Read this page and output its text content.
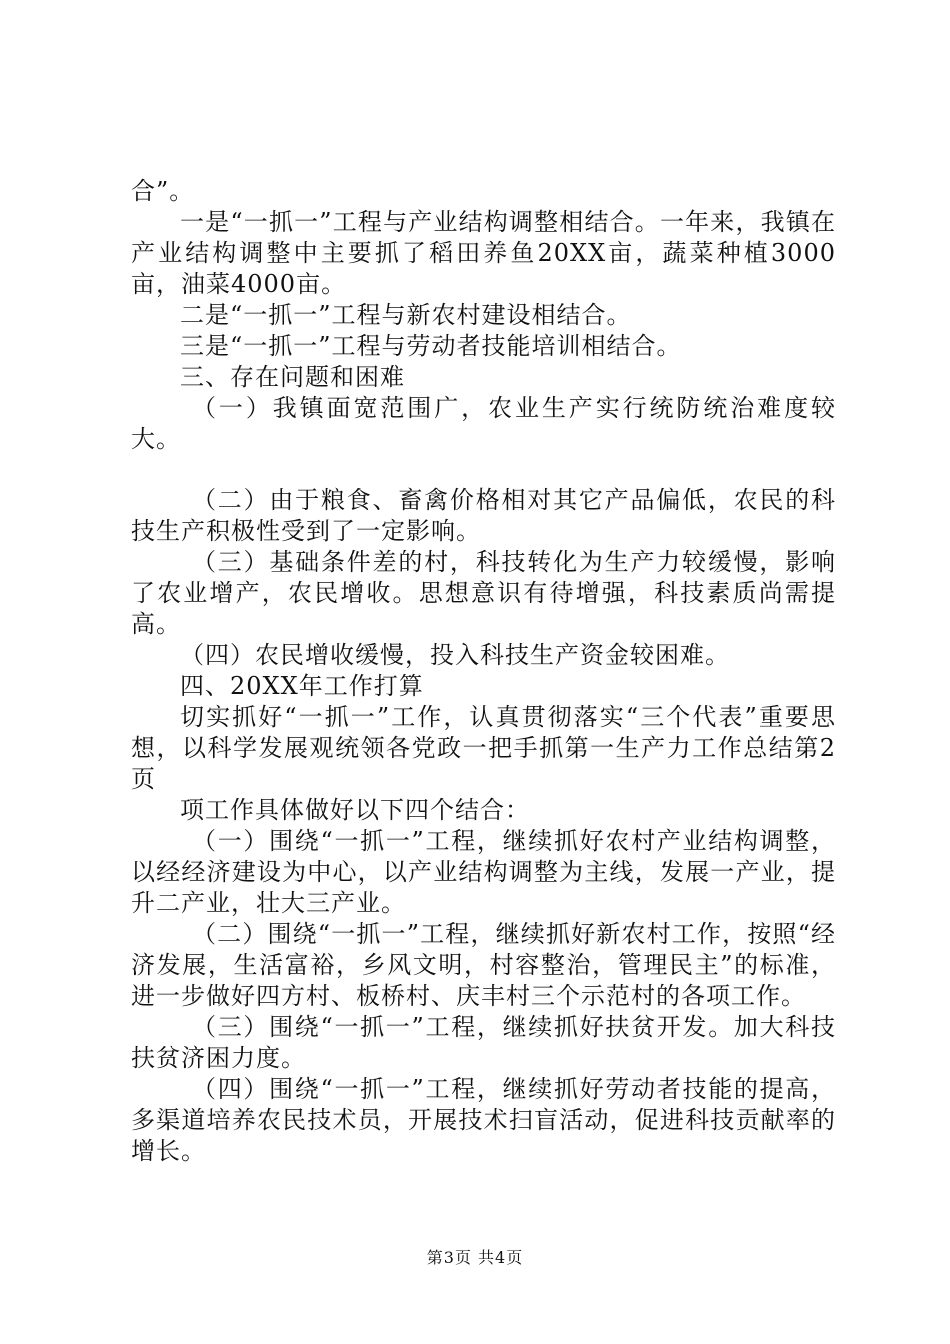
合”。

一是“一抓一”工程与产业结构调整相结合。一年来，我镇在产业结构调整中主要抓了稻田养鱼20XX亩，蔬菜种植3000亩，油菜4000亩。

二是“一抓一”工程与新农村建设相结合。

三是“一抓一”工程与劳动者技能培训相结合。

三、存在问题和困难

（一）我镇面宽范围广，农业生产实行统防统治难度较大。

（二）由于粮食、畜禽价格相对其它产品偏低，农民的科技生产积极性受到了一定影响。

（三）基础条件差的村，科技转化为生产力较缓慢，影响了农业增产，农民增收。思想意识有待增强，科技素质尚需提高。

（四）农民增收缓慢，投入科技生产资金较困难。

四、20XX年工作打算

切实抓好“一抓一”工作，认真贯彻落实“三个代表”重要思想，以科学发展观统领各党政一把手抓第一生产力工作总结第2页

项工作具体做好以下四个结合：

（一）围绕“一抓一”工程，继续抓好农村产业结构调整，以经经济建设为中心，以产业结构调整为主线，发展一产业，提升二产业，壮大三产业。

（二）围绕“一抓一”工程，继续抓好新农村工作，按照“经济发展，生活富裕，乡风文明，村容整治，管理民主”的标准，进一步做好四方村、板桥村、庆丰村三个示范村的各项工作。

（三）围绕“一抓一”工程，继续抓好扶贫开发。加大科技扶贫济困力度。

（四）围绕“一抓一”工程，继续抓好劳动者技能的提高，多渠道培养农民技术员，开展技术扫盲活动，促进科技贡献率的增长。

第3页 共4页
